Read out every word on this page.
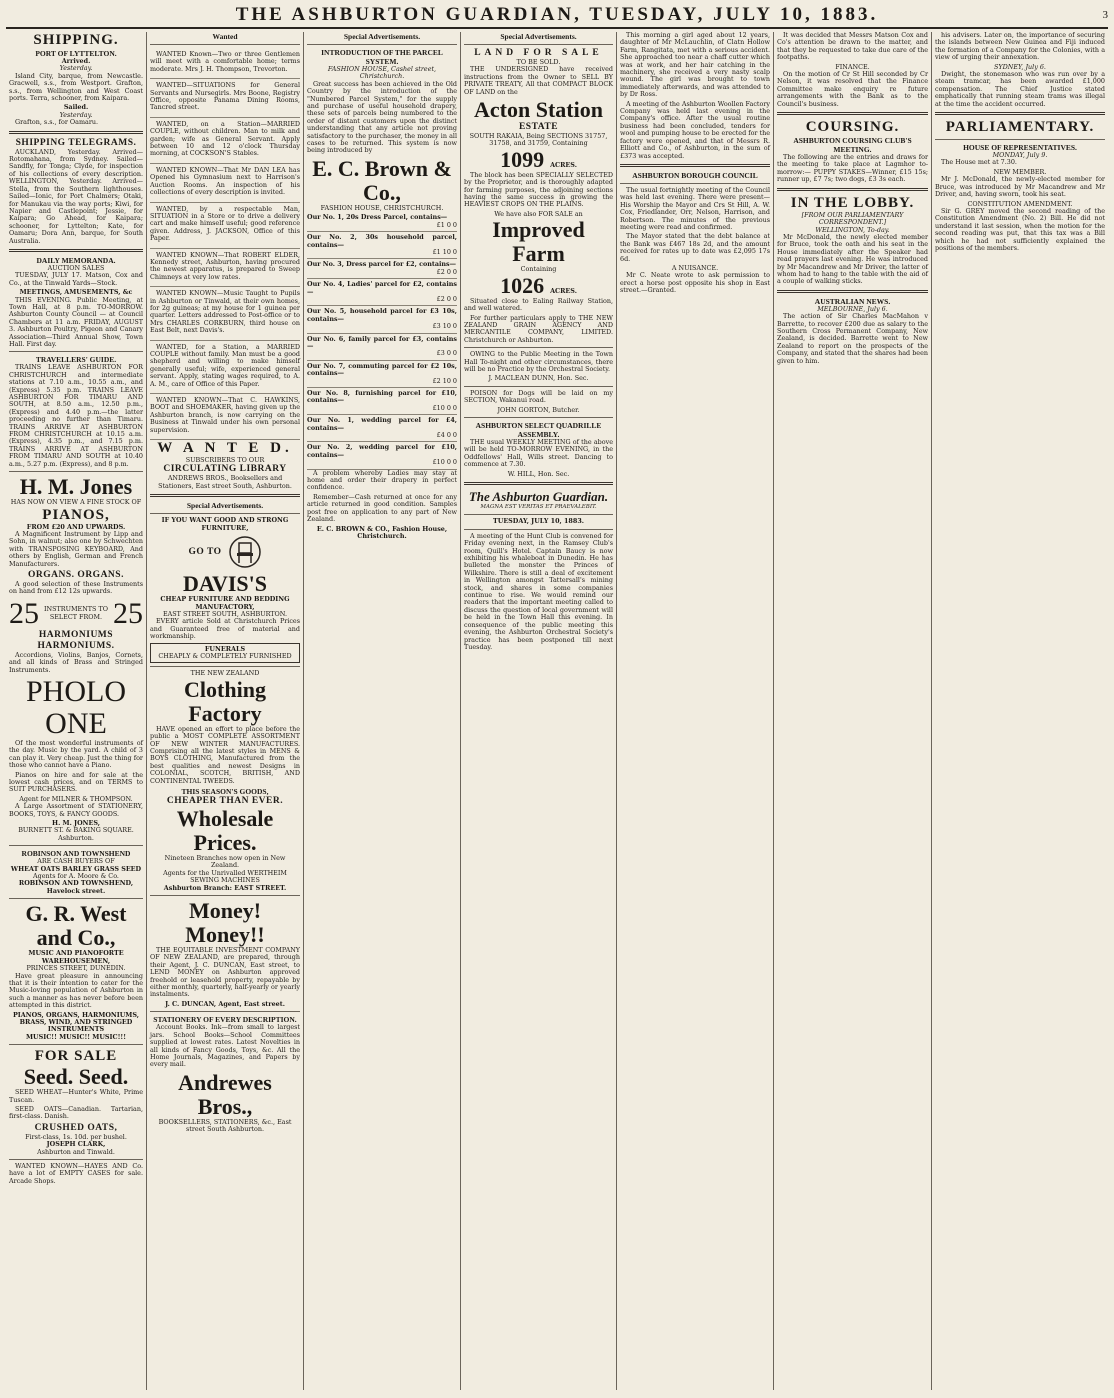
THE ASHBURTON GUARDIAN, TUESDAY, JULY 10, 1883.	3
SHIPPING.
PORT OF LYTTELTON.
Arrived.
Yesterday.

Island City, barque, from Newcastle. Gracwell, s.s., from Westport. Grafton, s.s., from Wellington and West Coast ports. Terra, schooner, from Kaipara.

Sailed.
Yesterday.

Grafton, s.s., for Oamaru.

SHIPPING TELEGRAMS.

AUCKLAND, Yesterday. Arrived—Rotomahana, from Sydney. Sailed—Sandfly, for Tonga; Clyde, for inspection of his collections of every description. WELLINGTON, Yesterday. Arrived—Stella, from the Southern lighthouses. Sailed—Ionic, for Port Chalmers; Otaki, for Manukau via the way ports; Kiwi, for Napier and Castlepoint; Jessie, for Kaipara; Go Ahead, for Kaipara; schooner, for Lyttelton; Kate, for Oamaru; Dora Ann, barque, for South Australia.

DAILY MEMORANDA.
AUCTION SALES

TUESDAY, JULY 17. Matson, Cox and Co., at the Tinwald Yards—Stock.

MEETINGS, AMUSEMENTS, &c

THIS EVENING. Public Meeting, at Town Hall, at 8 p.m. TO-MORROW. Ashburton County Council — at Council Chambers at 11 a.m. FRIDAY, AUGUST 3. Ashburton Poultry, Pigeon and Canary Association—Third Annual Show, Town Hall. First day.

TRAVELLERS' GUIDE.

TRAINS LEAVE ASHBURTON FOR CHRISTCHURCH and intermediate stations at 7.10 a.m., 10.55 a.m., and (Express) 5.35 p.m. TRAINS LEAVE ASHBURTON FOR TIMARU AND SOUTH, at 8.50 a.m., 12.50 p.m., (Express) and 4.40 p.m.—the latter proceeding no further than Timaru. TRAINS ARRIVE AT ASHBURTON FROM CHRISTCHURCH at 10.15 a.m. (Express), 4.35 p.m., and 7.15 p.m. TRAINS ARRIVE AT ASHBURTON FROM TIMARU AND SOUTH at 10.40 a.m., 5.27 p.m. (Express), and 8 p.m.

H. M. Jones
HAS NOW ON VIEW A FINE STOCK OF
PIANOS,
FROM £20 AND UPWARDS.

A Magnificent Instrument by Lipp and Sohn, in walnut; also one by Schwechten with TRANSPOSING KEYBOARD, And others by English, German and French Manufacturers.

ORGANS. ORGANS.

A good selection of these Instruments on hand from £12 12s upwards.

25 INSTRUMENTS TO SELECT FROM. 25
HARMONIUMS HARMONIUMS.

Accordions, Violins, Banjos, Cornets, and all kinds of Brass and Stringed Instruments.

PHOLO ONE

Of the most wonderful instruments of the day. Music by the yard. A child of 3 can play it. Very cheap. Just the thing for those who cannot have a Piano.

Pianos on hire and for sale at the lowest cash prices, and on TERMS to SUIT PURCHASERS.

Agent for MILNER & THOMPSON.

A Large Assortment of STATIONERY, BOOKS, TOYS, & FANCY GOODS.

H. M. JONES,
BURNETT ST. & BAKING SQUARE. Ashburton.
ROBINSON AND TOWNSHEND
ARE CASH BUYERS OF
WHEAT OATS BARLEY GRASS SEED
Agents for A. Moore & Co.
ROBINSON AND TOWNSHEND, Havelock street.
G. R. West and Co.,
MUSIC AND PIANOFORTE WAREHOUSEMEN,
PRINCES STREET, DUNEDIN.

Have great pleasure in announcing that it is their intention to cater for the Music-loving population of Ashburton in such a manner as has never before been attempted in this district.

PIANOS, ORGANS, HARMONIUMS, BRASS, WIND, AND STRINGED INSTRUMENTS
MUSIC!! MUSIC!! MUSIC!!!
FOR SALE
Seed. Seed.

SEED WHEAT—Hunter's White, Prime Tuscan.

SEED OATS—Canadian. Tartarian, first-class. Danish.

CRUSHED OATS,
First-class, 1s. 10d. per bushel.
JOSEPH CLARK,
Ashburton and Tinwald.

WANTED KNOWN—HAYES AND Co. have a lot of EMPTY CASES for sale. Arcade Shops.

Wanted

WANTED Known—Two or three Gentlemen will meet with a comfortable home; terms moderate. Mrs J. H. Thompson, Trevorton.

WANTED—SITUATIONS for General Servants and Nursegirls. Mrs Boone, Registry Office, opposite Panama Dining Rooms, Tancred street.

WANTED, on a Station—MARRIED COUPLE, without children. Man to milk and garden; wife as General Servant. Apply between 10 and 12 o'clock Thursday morning, at COCKSON'S Stables.

WANTED KNOWN—That Mr DAN LEA has Opened his Gymnasium next to Harrison's Auction Rooms. An inspection of his collections of every description is invited.

WANTED, by a respectable Man, SITUATION in a Store or to drive a delivery cart and make himself useful; good reference given. Address, J. JACKSON, Office of this Paper.

WANTED KNOWN—That ROBERT ELDER, Kennedy street, Ashburton, having procured the newest apparatus, is prepared to Sweep Chimneys at very low rates.

WANTED KNOWN—Music Taught to Pupils in Ashburton or Tinwald, at their own homes, for 2g guineas; at my house for 1 guinea per quarter. Letters addressed to Post-office or to Mrs CHARLES CORKBURN, third house on East Belt, next Davis's.

WANTED, for a Station, a MARRIED COUPLE without family. Man must be a good shepherd and willing to make himself generally useful; wife, experienced general servant. Apply, stating wages required, to A. A. M., care of Office of this Paper.

WANTED KNOWN—That C. HAWKINS, BOOT and SHOEMAKER, having given up the Ashburton branch, is now carrying on the Business at Tinwald under his own personal supervision.

W A N T E D.
SUBSCRIBERS TO OUR
CIRCULATING LIBRARY
ANDREWS BROS., Booksellers and Stationers, East street South, Ashburton.
Special Advertisements.
IF YOU WANT GOOD AND STRONG FURNITURE,
GO TO
DAVIS'S
CHEAP FURNITURE AND BEDDING MANUFACTORY,
EAST STREET SOUTH, ASHBURTON.

EVERY article Sold at Christchurch Prices and Guaranteed free of material and workmanship.

FUNERALS
CHEAPLY & COMPLETELY FURNISHED
THE NEW ZEALAND
Clothing Factory

HAVE opened an effort to place before the public a MOST COMPLETE ASSORTMENT OF NEW WINTER MANUFACTURES. Comprising all the latest styles in MENS & BOYS CLOTHING, Manufactured from the best qualities and newest Designs in COLONIAL, SCOTCH, BRITISH, AND CONTINENTAL TWEEDS.

THIS SEASON'S GOODS,
CHEAPER THAN EVER.
Wholesale Prices.
Nineteen Branches now open in New Zealand.
Agents for the Unrivalled WERTHEIM SEWING MACHINES
Ashburton Branch: EAST STREET.
Money! Money!!

THE EQUITABLE INVESTMENT COMPANY OF NEW ZEALAND, are prepared, through their Agent, J. C. DUNCAN, East street, to LEND MONEY on Ashburton approved freehold or leasehold property, repayable by either monthly, quarterly, half-yearly or yearly instalments.

J. C. DUNCAN, Agent, East street.
STATIONERY OF EVERY DESCRIPTION.

Account Books. Ink—from small to largest jars. School Books—School Committees supplied at lowest rates. Latest Novelties in all kinds of Fancy Goods, Toys, &c. All the Home Journals, Magazines, and Papers by every mail.

Andrewes Bros.,
BOOKSELLERS, STATIONERS, &c., East street South Ashburton.
Special Advertisements.
INTRODUCTION OF THE PARCEL SYSTEM.
FASHION HOUSE, Cashel street, Christchurch.

Great success has been achieved in the Old Country by the introduction of the "Numbered Parcel System," for the supply and purchase of useful household drapery, these sets of parcels being numbered to the order of distant customers upon the distinct understanding that any article not proving satisfactory to the purchaser, the money in all cases to be returned. This system is now being introduced by

E. C. Brown & Co.,
FASHION HOUSE, CHRISTCHURCH.
Our No. 1, 20s Dress Parcel, contains—
£1 0 0
Our No. 2, 30s household parcel, contains—
£1 10 0
Our No. 3, Dress parcel for £2, contains—
£2 0 0
Our No. 4, Ladies' parcel for £2, contains—
£2 0 0
Our No. 5, household parcel for £3 10s, contains—
£3 10 0
Our No. 6, family parcel for £3, contains—
£3 0 0
Our No. 7, commuting parcel for £2 10s, contains—
£2 10 0
Our No. 8, furnishing parcel for £10, contains—
£10 0 0
Our No. 1, wedding parcel for £4, contains—
£4 0 0
Our No. 2, wedding parcel for £10, contains—
£10 0 0

A problem whereby Ladies may stay at home and order their drapery in perfect confidence.

Remember—Cash returned at once for any article returned in good condition. Samples post free on application to any part of New Zealand.

E. C. BROWN & CO., Fashion House, Christchurch.
Special Advertisements.
LAND FOR SALE
TO BE SOLD.

THE UNDERSIGNED have received instructions from the Owner to SELL BY PRIVATE TREATY, All that COMPACT BLOCK OF LAND on the

Acton Station
ESTATE
SOUTH RAKAIA, Being SECTIONS 31757, 31758, and 31759, Containing
1099 ACRES.

The block has been SPECIALLY SELECTED by the Proprietor, and is thoroughly adapted for farming purposes, the adjoining sections having the same success in growing the HEAVIEST CROPS ON THE PLAINS.

We have also FOR SALE an
Improved Farm
Containing
1026 ACRES.

Situated close to Ealing Railway Station, and well watered.

For further particulars apply to THE NEW ZEALAND GRAIN AGENCY AND MERCANTILE COMPANY, LIMITED. Christchurch or Ashburton.

OWING to the Public Meeting in the Town Hall To-night and other circumstances, there will be no Practice by the Orchestral Society.

J. MACLEAN DUNN, Hon. Sec.

POISON for Dogs will be laid on my SECTION, Wakanui road.

JOHN GORTON, Butcher.
ASHBURTON SELECT QUADRILLE ASSEMBLY.

THE usual WEEKLY MEETING of the above will be held TO-MORROW EVENING, in the Oddfellows' Hall, Wills street. Dancing to commence at 7.30.

W. HILL, Hon. Sec.
The Ashburton Guardian.
MAGNA EST VERITAS ET PRAEVALEBIT.
TUESDAY, JULY 10, 1883.

A meeting of the Hunt Club is convened for Friday evening next, in the Ramsey Club's room, Quill's Hotel. Captain Baucy is now exhibiting his whaleboat in Dunedin. He has bulleted the monster the Princes of Wilkshire. There is still a deal of excitement in Wellington amongst Tattersall's mining stock, and shares in some companies continue to rise. We would remind our readers that the important meeting called to discuss the question of local government will be held in the Town Hall this evening. In consequence of the public meeting this evening, the Ashburton Orchestral Society's practice has been postponed till next Tuesday.

This morning a girl aged about 12 years, daughter of Mr McLauchlin, of Clatn Hollow Farm, Rangitata, met with a serious accident. She approached too near a chaff cutter which was at work, and her hair catching in the machinery, she received a very nasty scalp wound. The girl was brought to town immediately afterwards, and was attended to by Dr Ross.

A meeting of the Ashburton Woollen Factory Company was held last evening in the Company's office. After the usual routine business had been concluded, tenders for wool and pumping house to be erected for the factory were opened, and that of Messrs R. Elliott and Co., of Ashburton, in the sum of £373 was accepted.

ASHBURTON BOROUGH COUNCIL

The usual fortnightly meeting of the Council was held last evening. There were present—His Worship the Mayor and Crs St Hill, A. W. Cox, Friedlander, Orr, Nelson, Harrison, and Robertson. The minutes of the previous meeting were read and confirmed.

The Mayor stated that the debt balance at the Bank was £467 18s 2d, and the amount received for rates up to date was £2,095 17s 6d.

A NUISANCE.

Mr C. Neate wrote to ask permission to erect a horse post opposite his shop in East street.—Granted.

It was decided that Messrs Matson Cox and Co's attention be drawn to the matter, and that they be requested to take due care of the footpaths.

FINANCE.

On the motion of Cr St Hill seconded by Cr Nelson, it was resolved that the Finance Committee make enquiry re future arrangements with the Bank as to the Council's business.

COURSING.
ASHBURTON COURSING CLUB'S MEETING.

The following are the entries and draws for the meeting to take place at Lagmhor to-morrow:— PUPPY STAKES—Winner, £15 15s; runner up, £7 7s; two dogs, £3 3s each.

IN THE LOBBY.
[FROM OUR PARLIAMENTARY CORRESPONDENT.]
WELLINGTON, To-day.

Mr McDonald, the newly elected member for Bruce, took the oath and his seat in the House immediately after the Speaker had read prayers last evening. He was introduced by Mr Macandrew and Mr Driver, the latter of whom had to hang to the table with the aid of a couple of walking sticks.

AUSTRALIAN NEWS.
MELBOURNE, July 6.

The action of Sir Charles MacMahon v Barrette, to recover £200 due as salary to the Southern Cross Permanent Company, New Zealand, is decided. Barrette went to New Zealand to report on the prospects of the Company, and stated that the shares had been given to him.

his advisers. Later on, the importance of securing the islands between New Guinea and Fiji induced the formation of a Company for the Colonies, with a view of urging their annexation.

SYDNEY, July 6.

Dwight, the stonemason who was run over by a steam tramcar, has been awarded £1,000 compensation. The Chief Justice stated emphatically that running steam trams was illegal at the time the accident occurred.

PARLIAMENTARY.
HOUSE OF REPRESENTATIVES.
MONDAY, July 9.

The House met at 7.30.

NEW MEMBER.

Mr J. McDonald, the newly-elected member for Bruce, was introduced by Mr Macandrew and Mr Driver, and, having sworn, took his seat.

CONSTITUTION AMENDMENT.

Sir G. GREY moved the second reading of the Constitution Amendment (No. 2) Bill. He did not understand it last session, when the motion for the second reading was put, that this tax was a Bill which he had not sufficiently explained the positions of the members.
